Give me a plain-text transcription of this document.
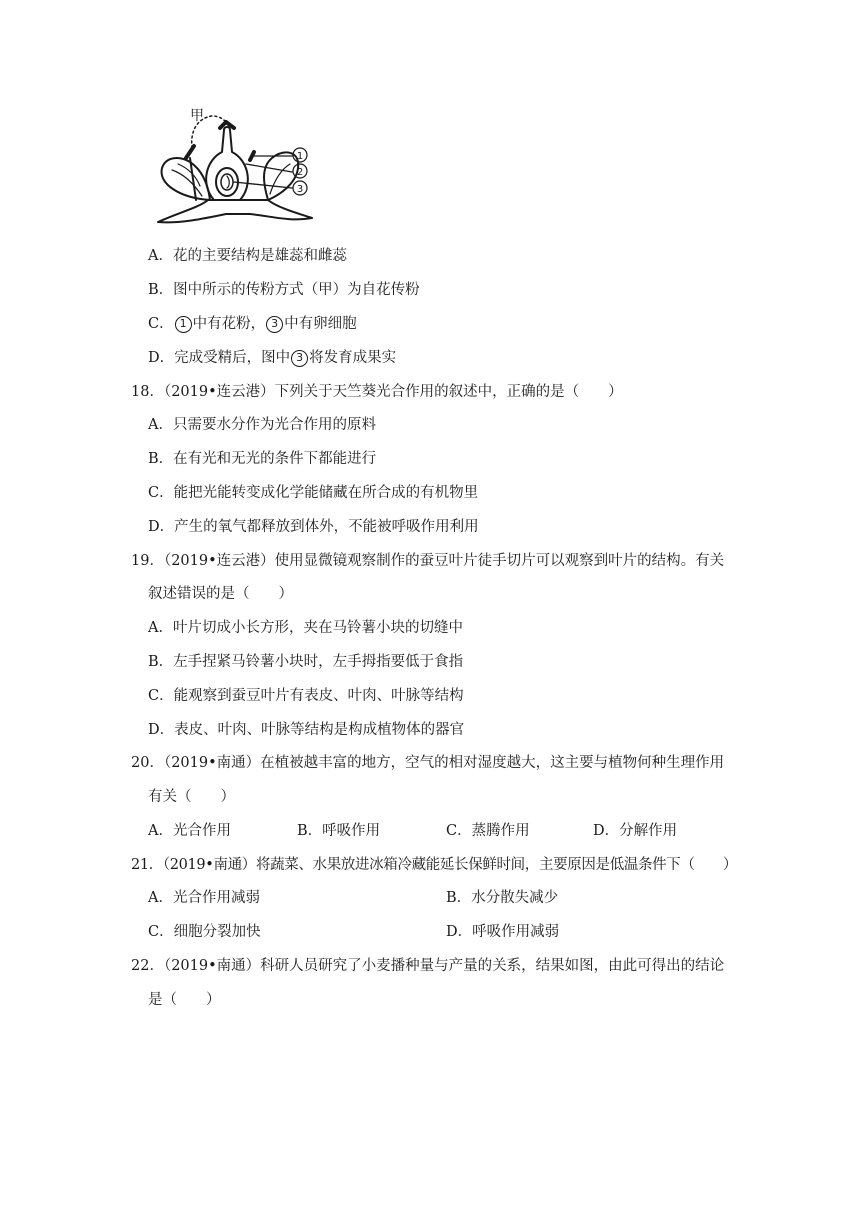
甲
1
2
3
A．花的主要结构是雄蕊和雌蕊
B．图中所示的传粉方式（甲）为自花传粉
C． 1 中有花粉， 3 中有卵细胞
D．完成受精后，图中 3 将发育成果实
18．（2019•连云港）下列关于天竺葵光合作用的叙述中，正确的是（　　）
A．只需要水分作为光合作用的原料
B．在有光和无光的条件下都能进行
C．能把光能转变成化学能储藏在所合成的有机物里
D．产生的氧气都释放到体外，不能被呼吸作用利用
19．（2019•连云港）使用显微镜观察制作的蚕豆叶片徒手切片可以观察到叶片的结构。有关
叙述错误的是（　　）
A．叶片切成小长方形，夹在马铃薯小块的切缝中
B．左手捏紧马铃薯小块时，左手拇指要低于食指
C．能观察到蚕豆叶片有表皮、叶肉、叶脉等结构
D．表皮、叶肉、叶脉等结构是构成植物体的器官
20．（2019•南通）在植被越丰富的地方，空气的相对湿度越大，这主要与植物何种生理作用
有关（　　）
A．光合作用	B．呼吸作用	C．蒸腾作用	D．分解作用
21．（2019•南通）将蔬菜、水果放进冰箱冷藏能延长保鲜时间，主要原因是低温条件下（　　）
A．光合作用减弱	B．水分散失减少
C．细胞分裂加快	D．呼吸作用减弱
22．（2019•南通）科研人员研究了小麦播种量与产量的关系，结果如图，由此可得出的结论
是（　　）
